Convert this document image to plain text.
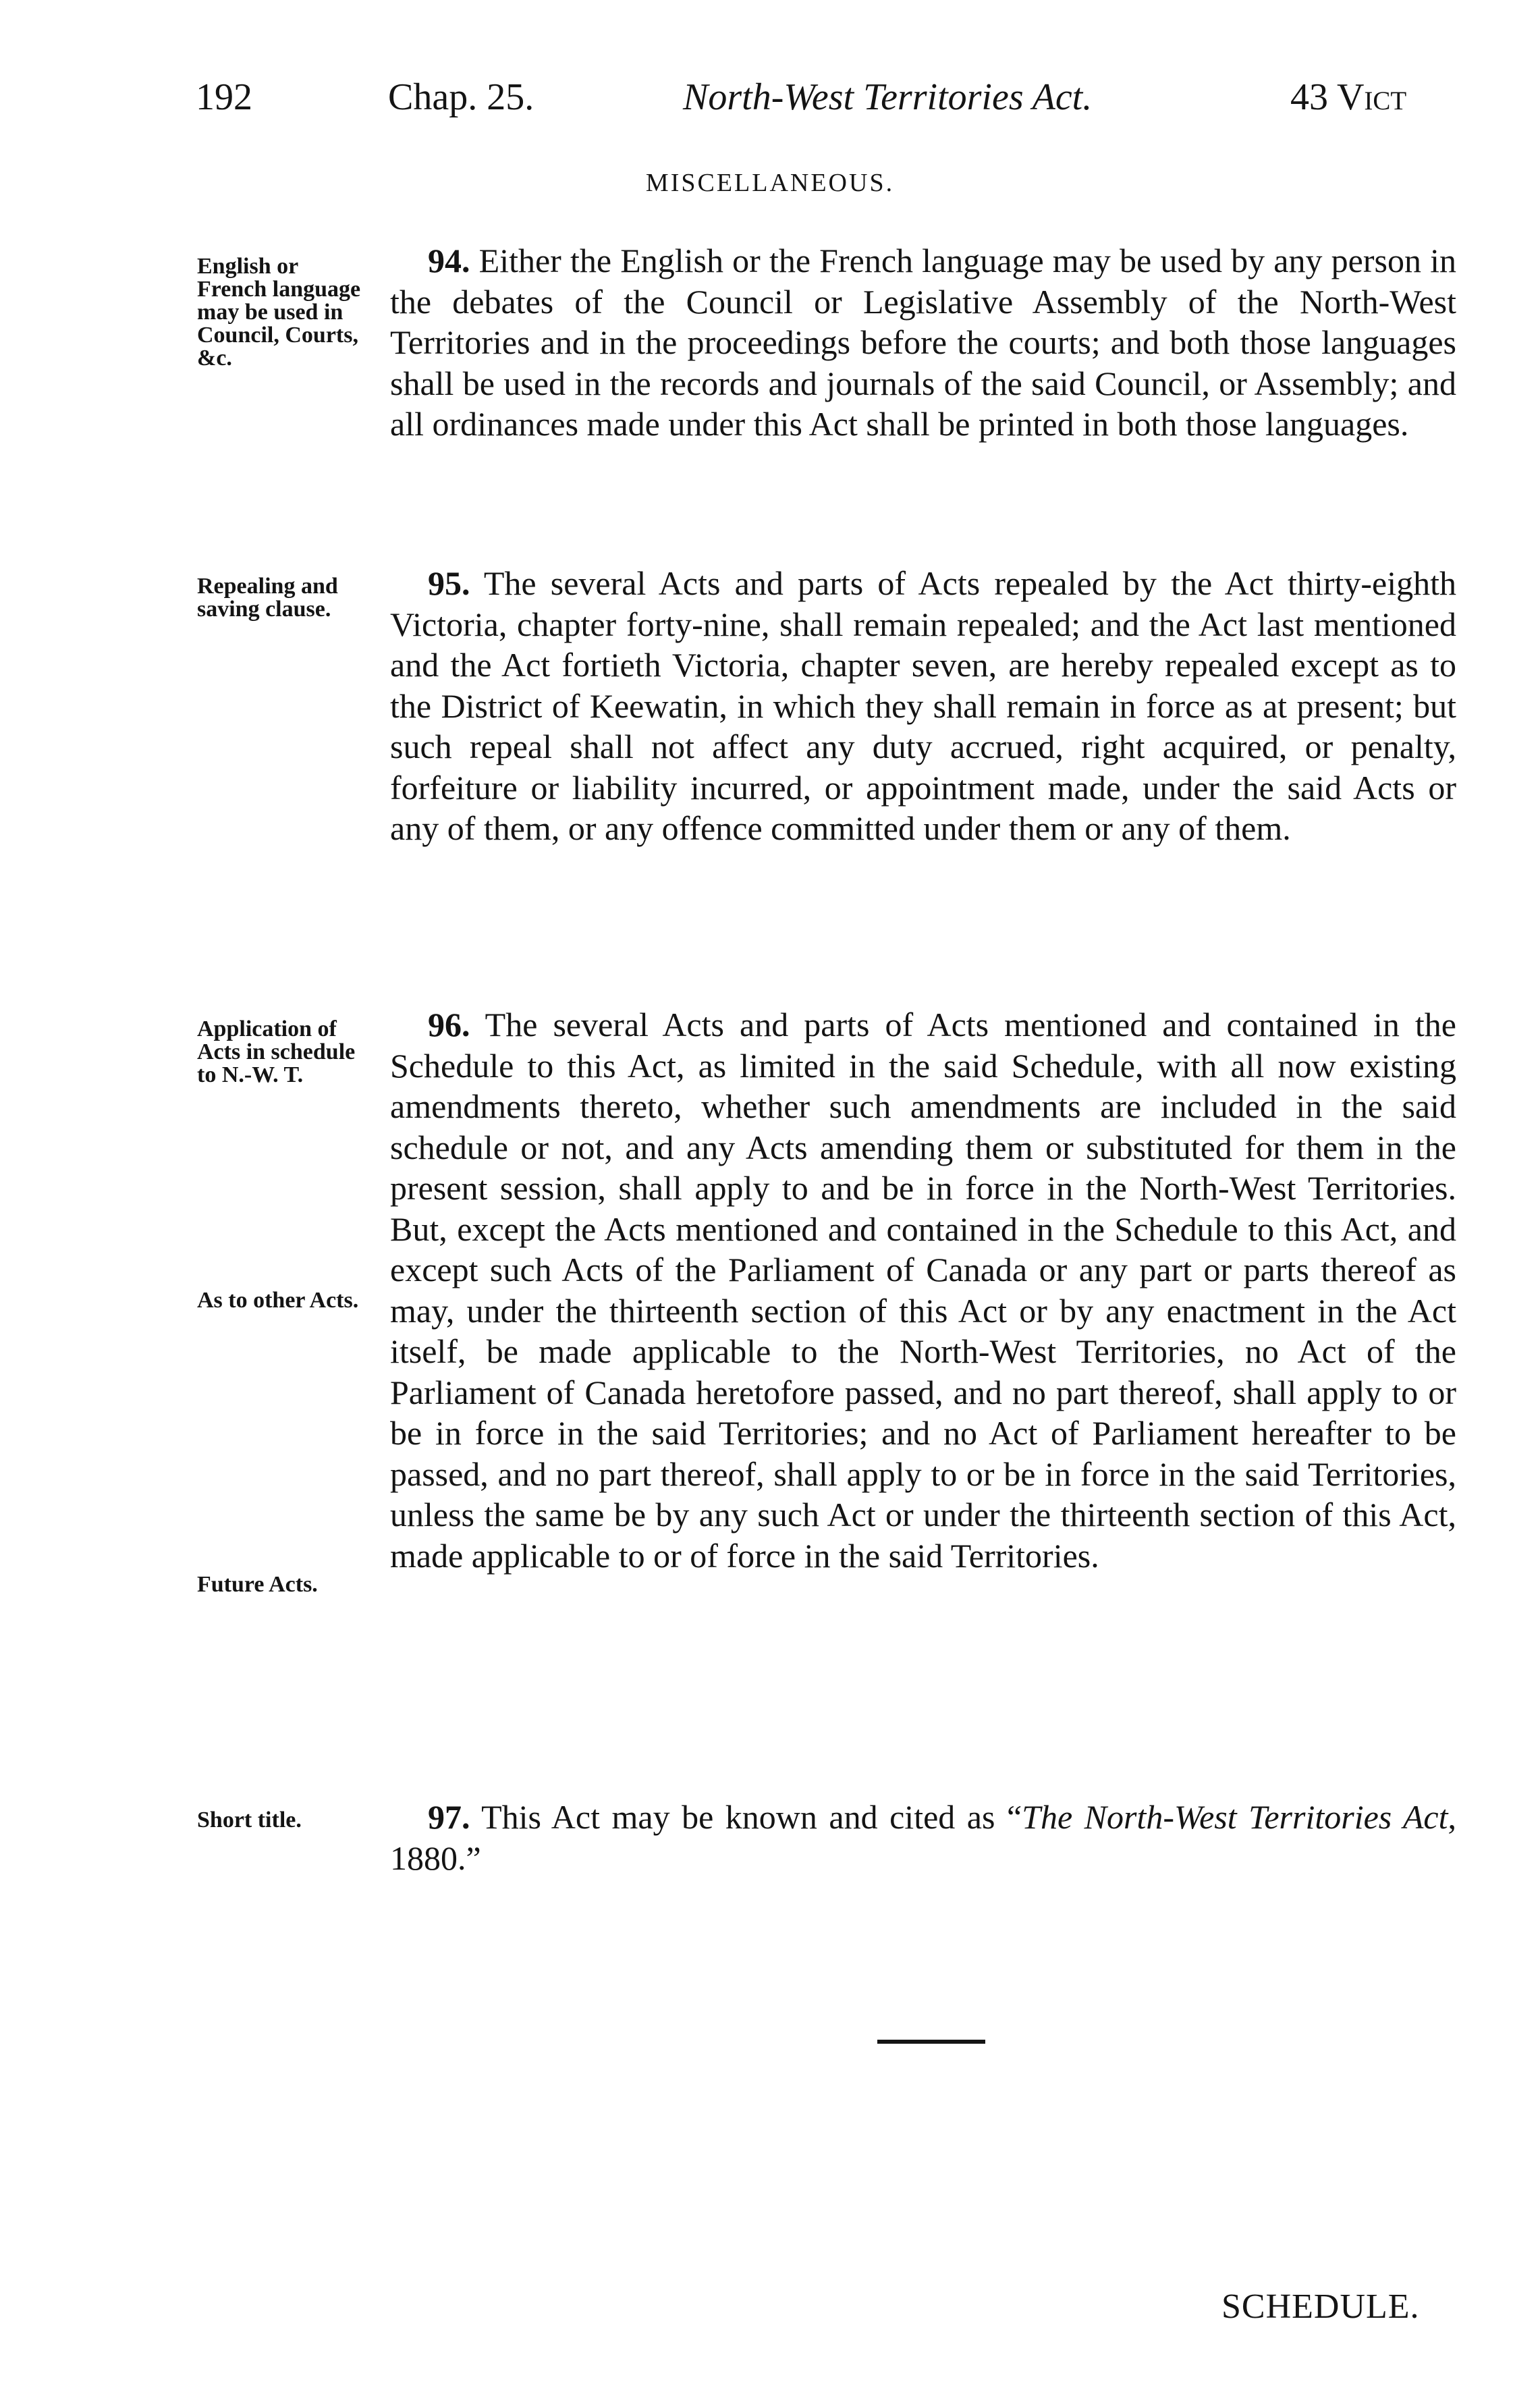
192	Chap. 25.	North-West Territories Act.	43 Vict
MISCELLANEOUS.
English or French language may be used in Council, Courts, &c.

94. Either the English or the French language may be used by any person in the debates of the Council or Legislative Assembly of the North-West Territories and in the proceedings before the courts; and both those languages shall be used in the records and journals of the said Council, or Assembly; and all ordinances made under this Act shall be printed in both those languages.

Repealing and saving clause.

95. The several Acts and parts of Acts repealed by the Act thirty-eighth Victoria, chapter forty-nine, shall remain repealed; and the Act last mentioned and the Act fortieth Victoria, chapter seven, are hereby repealed except as to the District of Keewatin, in which they shall remain in force as at present; but such repeal shall not affect any duty accrued, right acquired, or penalty, forfeiture or liability incurred, or appointment made, under the said Acts or any of them, or any offence committed under them or any of them.

Application of Acts in schedule to N.-W. T.
As to other Acts.
Future Acts.

96. The several Acts and parts of Acts mentioned and contained in the Schedule to this Act, as limited in the said Schedule, with all now existing amendments thereto, whether such amendments are included in the said schedule or not, and any Acts amending them or substituted for them in the present session, shall apply to and be in force in the North-West Territories. But, except the Acts mentioned and contained in the Schedule to this Act, and except such Acts of the Parliament of Canada or any part or parts thereof as may, under the thirteenth section of this Act or by any enactment in the Act itself, be made applicable to the North-West Territories, no Act of the Parliament of Canada heretofore passed, and no part thereof, shall apply to or be in force in the said Territories; and no Act of Parliament hereafter to be passed, and no part thereof, shall apply to or be in force in the said Territories, unless the same be by any such Act or under the thirteenth section of this Act, made applicable to or of force in the said Territories.

Short title.	97. This Act may be known and cited as “The North-West Territories Act, 1880.”

SCHEDULE.
